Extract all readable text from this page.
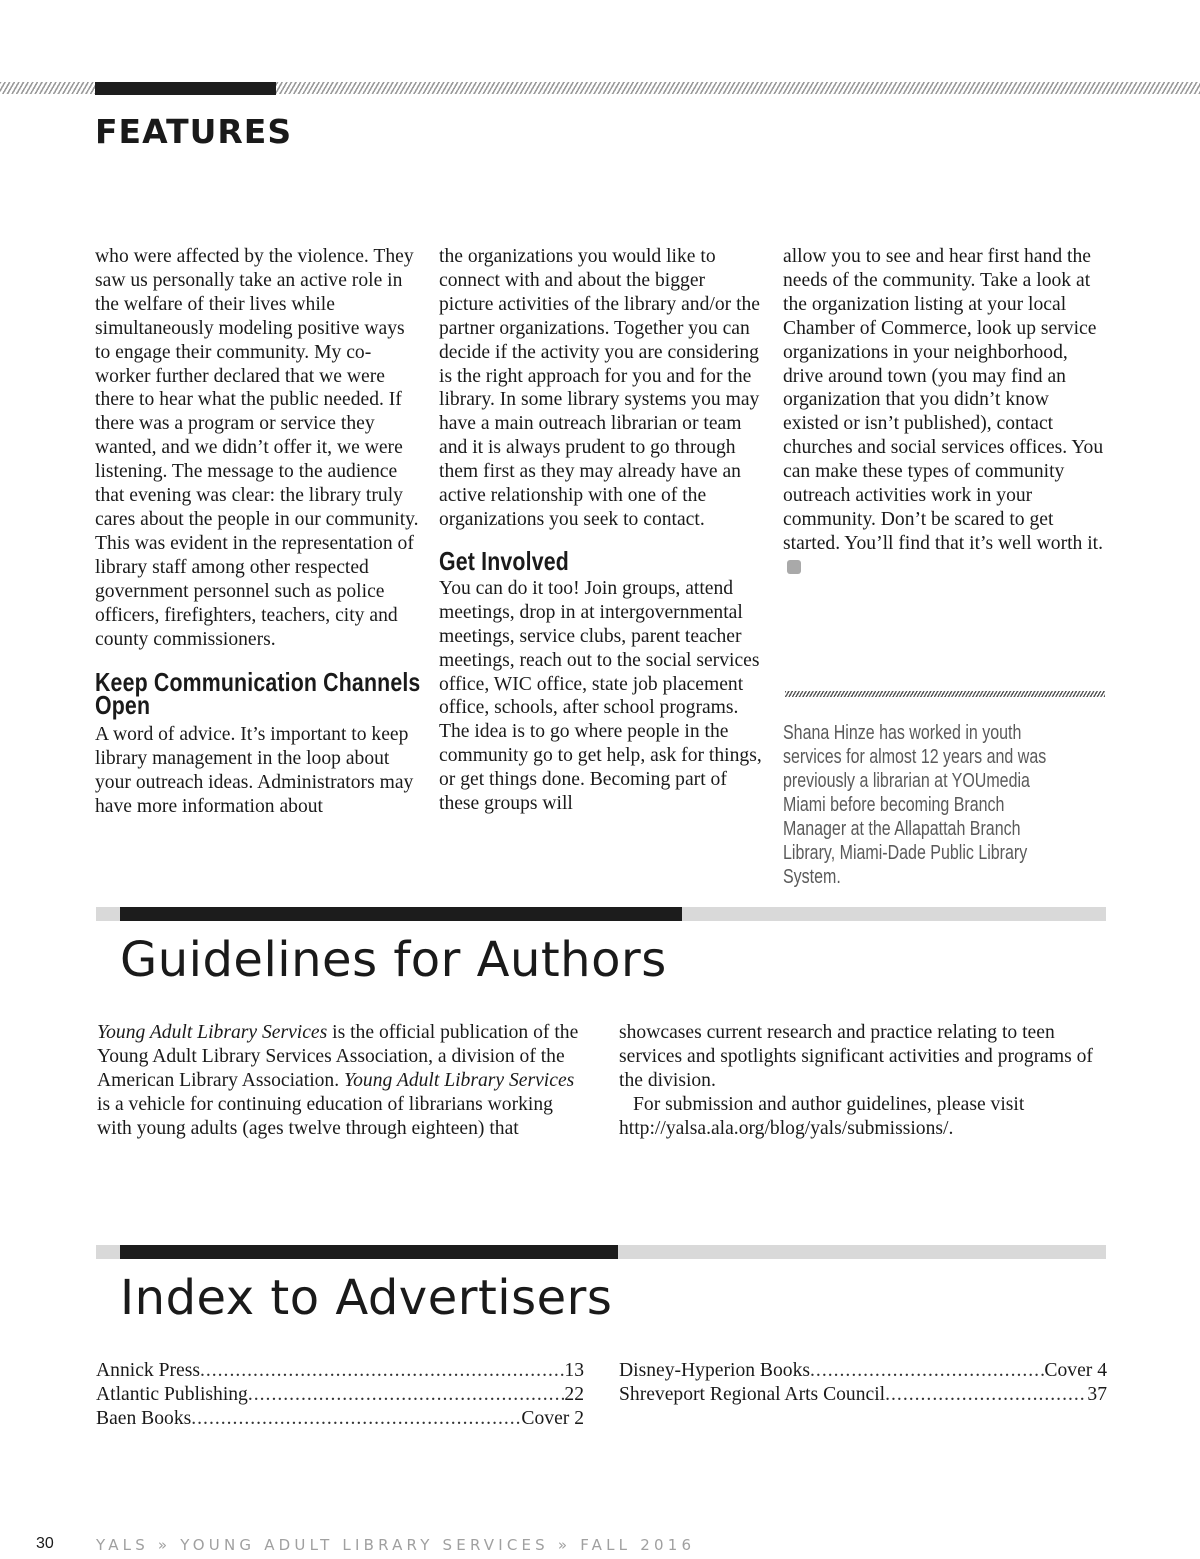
FEATURES

who were affected by the violence. They saw us personally take an active role in the welfare of their lives while simultaneously modeling positive ways to engage their community. My co-worker further declared that we were there to hear what the public needed. If there was a program or service they wanted, and we didn’t offer it, we were listening. The message to the audience that evening was clear: the library truly cares about the people in our community. This was evident in the representation of library staff among other respected government personnel such as police officers, firefighters, teachers, city and county commissioners.

Keep Communication Channels Open

A word of advice. It’s important to keep library management in the loop about your outreach ideas. Administrators may have more information about

the organizations you would like to connect with and about the bigger picture activities of the library and/or the partner organizations. Together you can decide if the activity you are considering is the right approach for you and for the library. In some library systems you may have a main outreach librarian or team and it is always prudent to go through them first as they may already have an active relationship with one of the organizations you seek to contact.

Get Involved

You can do it too! Join groups, attend meetings, drop in at intergovernmental meetings, service clubs, parent teacher meetings, reach out to the social services office, WIC office, state job placement office, schools, after school programs. The idea is to go where people in the community go to get help, ask for things, or get things done. Becoming part of these groups will

allow you to see and hear first hand the needs of the community. Take a look at the organization listing at your local Chamber of Commerce, look up service organizations in your neighborhood, drive around town (you may find an organization that you didn’t know existed or isn’t published), contact churches and social services offices. You can make these types of community outreach activities work in your community. Don’t be scared to get started. You’ll find that it’s well worth it.

Shana Hinze has worked in youth services for almost 12 years and was previously a librarian at YOUmedia Miami before becoming Branch Manager at the Allapattah Branch Library, Miami-Dade Public Library System.

Guidelines for Authors

Young Adult Library Services is the official publication of the Young Adult Library Services Association, a division of the American Library Association. Young Adult Library Services is a vehicle for continuing education of librarians working with young adults (ages twelve through eighteen) that

showcases current research and practice relating to teen services and spotlights significant activities and programs of the division.

For submission and author guidelines, please visit http://yalsa.ala.org/blog/yals/submissions/.

Index to Advertisers
Annick Press .....	13
Atlantic Publishing .....	22
Baen Books .....	Cover 2
Disney-Hyperion Books .....	Cover 4
Shreveport Regional Arts Council .....	37
30	YALS » YOUNG ADULT LIBRARY SERVICES » FALL 2016
